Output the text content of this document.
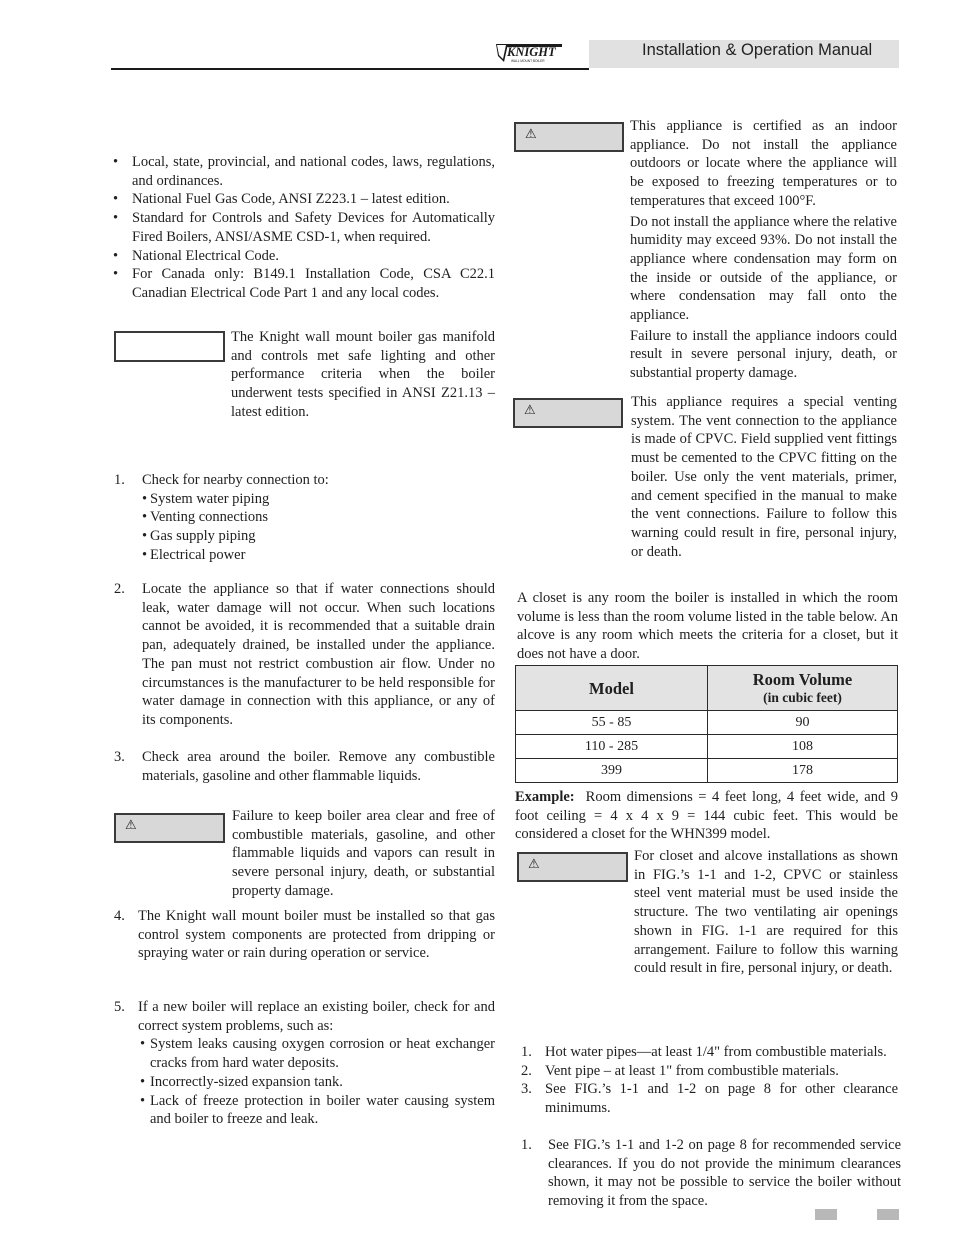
KNIGHT
WALL MOUNT BOILER
Installation & Operation Manual
• Local, state, provincial, and national codes, laws, regulations, and ordinances.
• National Fuel Gas Code, ANSI Z223.1 – latest edition.
• Standard for Controls and Safety Devices for Automatically Fired Boilers, ANSI/ASME CSD-1, when required.
• National Electrical Code.
• For Canada only: B149.1 Installation Code, CSA C22.1 Canadian Electrical Code Part 1 and any local codes.
The Knight wall mount boiler gas manifold and controls met safe lighting and other performance criteria when the boiler underwent tests specified in ANSI Z21.13 – latest edition.
1. Check for nearby connection to:
• System water piping
• Venting connections
• Gas supply piping
• Electrical power
2. Locate the appliance so that if water connections should leak, water damage will not occur. When such locations cannot be avoided, it is recommended that a suitable drain pan, adequately drained, be installed under the appliance. The pan must not restrict combustion air flow. Under no circumstances is the manufacturer to be held responsible for water damage in connection with this appliance, or any of its components.
3. Check area around the boiler. Remove any combustible materials, gasoline and other flammable liquids.
⚠
Failure to keep boiler area clear and free of combustible materials, gasoline, and other flammable liquids and vapors can result in severe personal injury, death, or substantial property damage.
4. The Knight wall mount boiler must be installed so that gas control system components are protected from dripping or spraying water or rain during operation or service.
5. If a new boiler will replace an existing boiler, check for and correct system problems, such as:
• System leaks causing oxygen corrosion or heat exchanger cracks from hard water deposits.
• Incorrectly-sized expansion tank.
• Lack of freeze protection in boiler water causing system and boiler to freeze and leak.
⚠
This appliance is certified as an indoor appliance. Do not install the appliance outdoors or locate where the appliance will be exposed to freezing temperatures or to temperatures that exceed 100°F.
Do not install the appliance where the relative humidity may exceed 93%. Do not install the appliance where condensation may form on the inside or outside of the appliance, or where condensation may fall onto the appliance.
Failure to install the appliance indoors could result in severe personal injury, death, or substantial property damage.
⚠
This appliance requires a special venting system. The vent connection to the appliance is made of CPVC. Field supplied vent fittings must be cemented to the CPVC fitting on the boiler. Use only the vent materials, primer, and cement specified in the manual to make the vent connections. Failure to follow this warning could result in fire, personal injury, or death.
A closet is any room the boiler is installed in which the room volume is less than the room volume listed in the table below. An alcove is any room which meets the criteria for a closet, but it does not have a door.
Model	Room Volume
(in cubic feet)

55 - 85	90
110 - 285	108
399	178
Example: Room dimensions = 4 feet long, 4 feet wide, and 9 foot ceiling = 4 x 4 x 9 = 144 cubic feet. This would be considered a closet for the WHN399 model.
⚠
For closet and alcove installations as shown in FIG.’s 1-1 and 1-2, CPVC or stainless steel vent material must be used inside the structure. The two ventilating air openings shown in FIG. 1-1 are required for this arrangement. Failure to follow this warning could result in fire, personal injury, or death.
1. Hot water pipes—at least 1/4" from combustible materials.
2. Vent pipe – at least 1" from combustible materials.
3. See FIG.’s 1-1 and 1-2 on page 8 for other clearance minimums.
1. See FIG.’s 1-1 and 1-2 on page 8 for recommended service clearances. If you do not provide the minimum clearances shown, it may not be possible to service the boiler without removing it from the space.
